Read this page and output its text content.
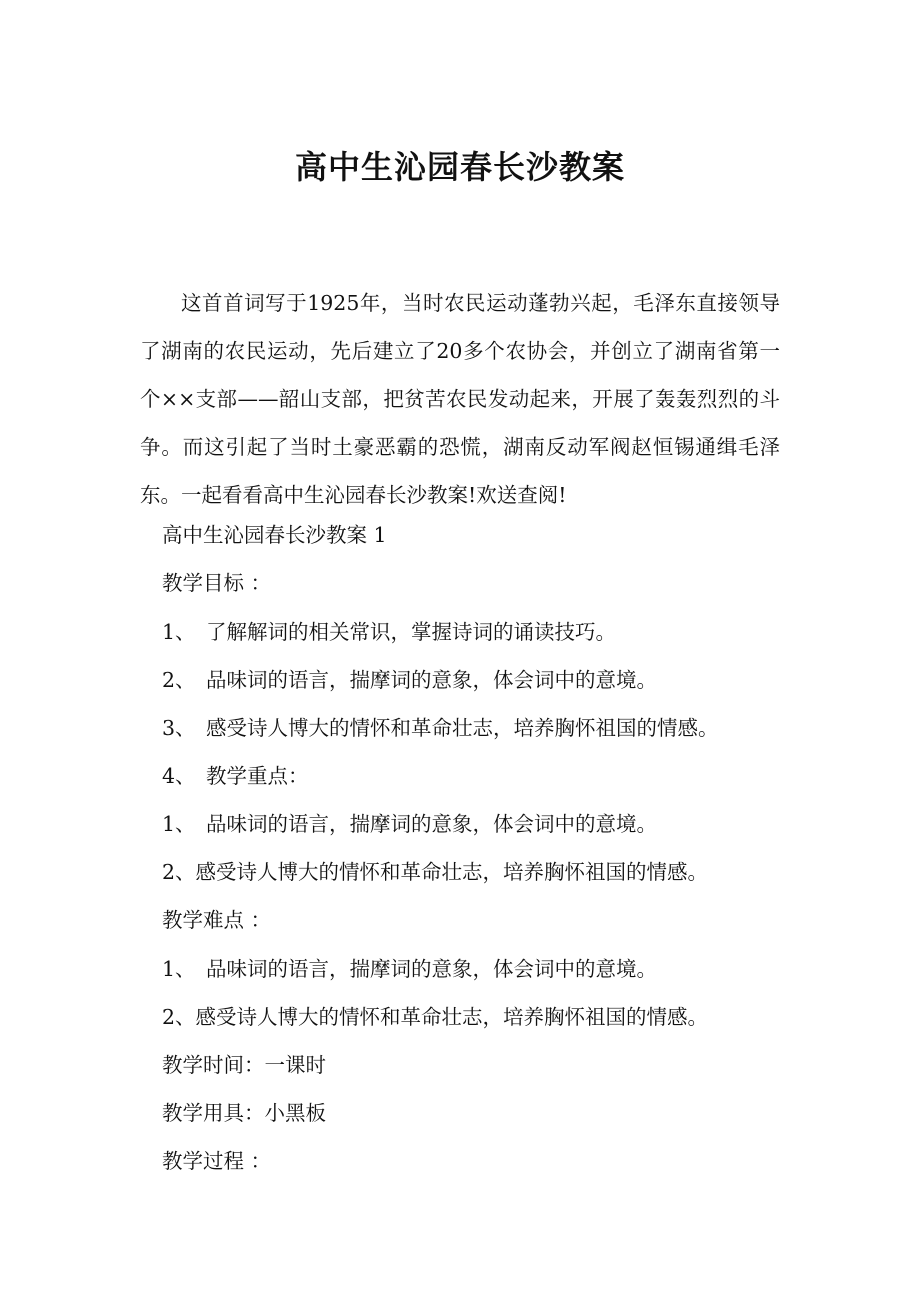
高中生沁园春长沙教案
这首首词写于1925年，当时农民运动蓬勃兴起，毛泽东直接领导了湖南的农民运动，先后建立了20多个农协会，并创立了湖南省第一个××支部——韶山支部，把贫苦农民发动起来，开展了轰轰烈烈的斗争。而这引起了当时土豪恶霸的恐慌，湖南反动军阀赵恒锡通缉毛泽东。一起看看高中生沁园春长沙教案!欢送查阅!
高中生沁园春长沙教案 1
教学目标 ：
1、 了解解词的相关常识，掌握诗词的诵读技巧。
2、 品味词的语言，揣摩词的意象，体会词中的意境。
3、 感受诗人博大的情怀和革命壮志，培养胸怀祖国的情感。
4、 教学重点：
1、 品味词的语言，揣摩词的意象，体会词中的意境。
2、感受诗人博大的情怀和革命壮志，培养胸怀祖国的情感。
教学难点 ：
1、 品味词的语言，揣摩词的意象，体会词中的意境。
2、感受诗人博大的情怀和革命壮志，培养胸怀祖国的情感。
教学时间：一课时
教学用具：小黑板
教学过程 ：
